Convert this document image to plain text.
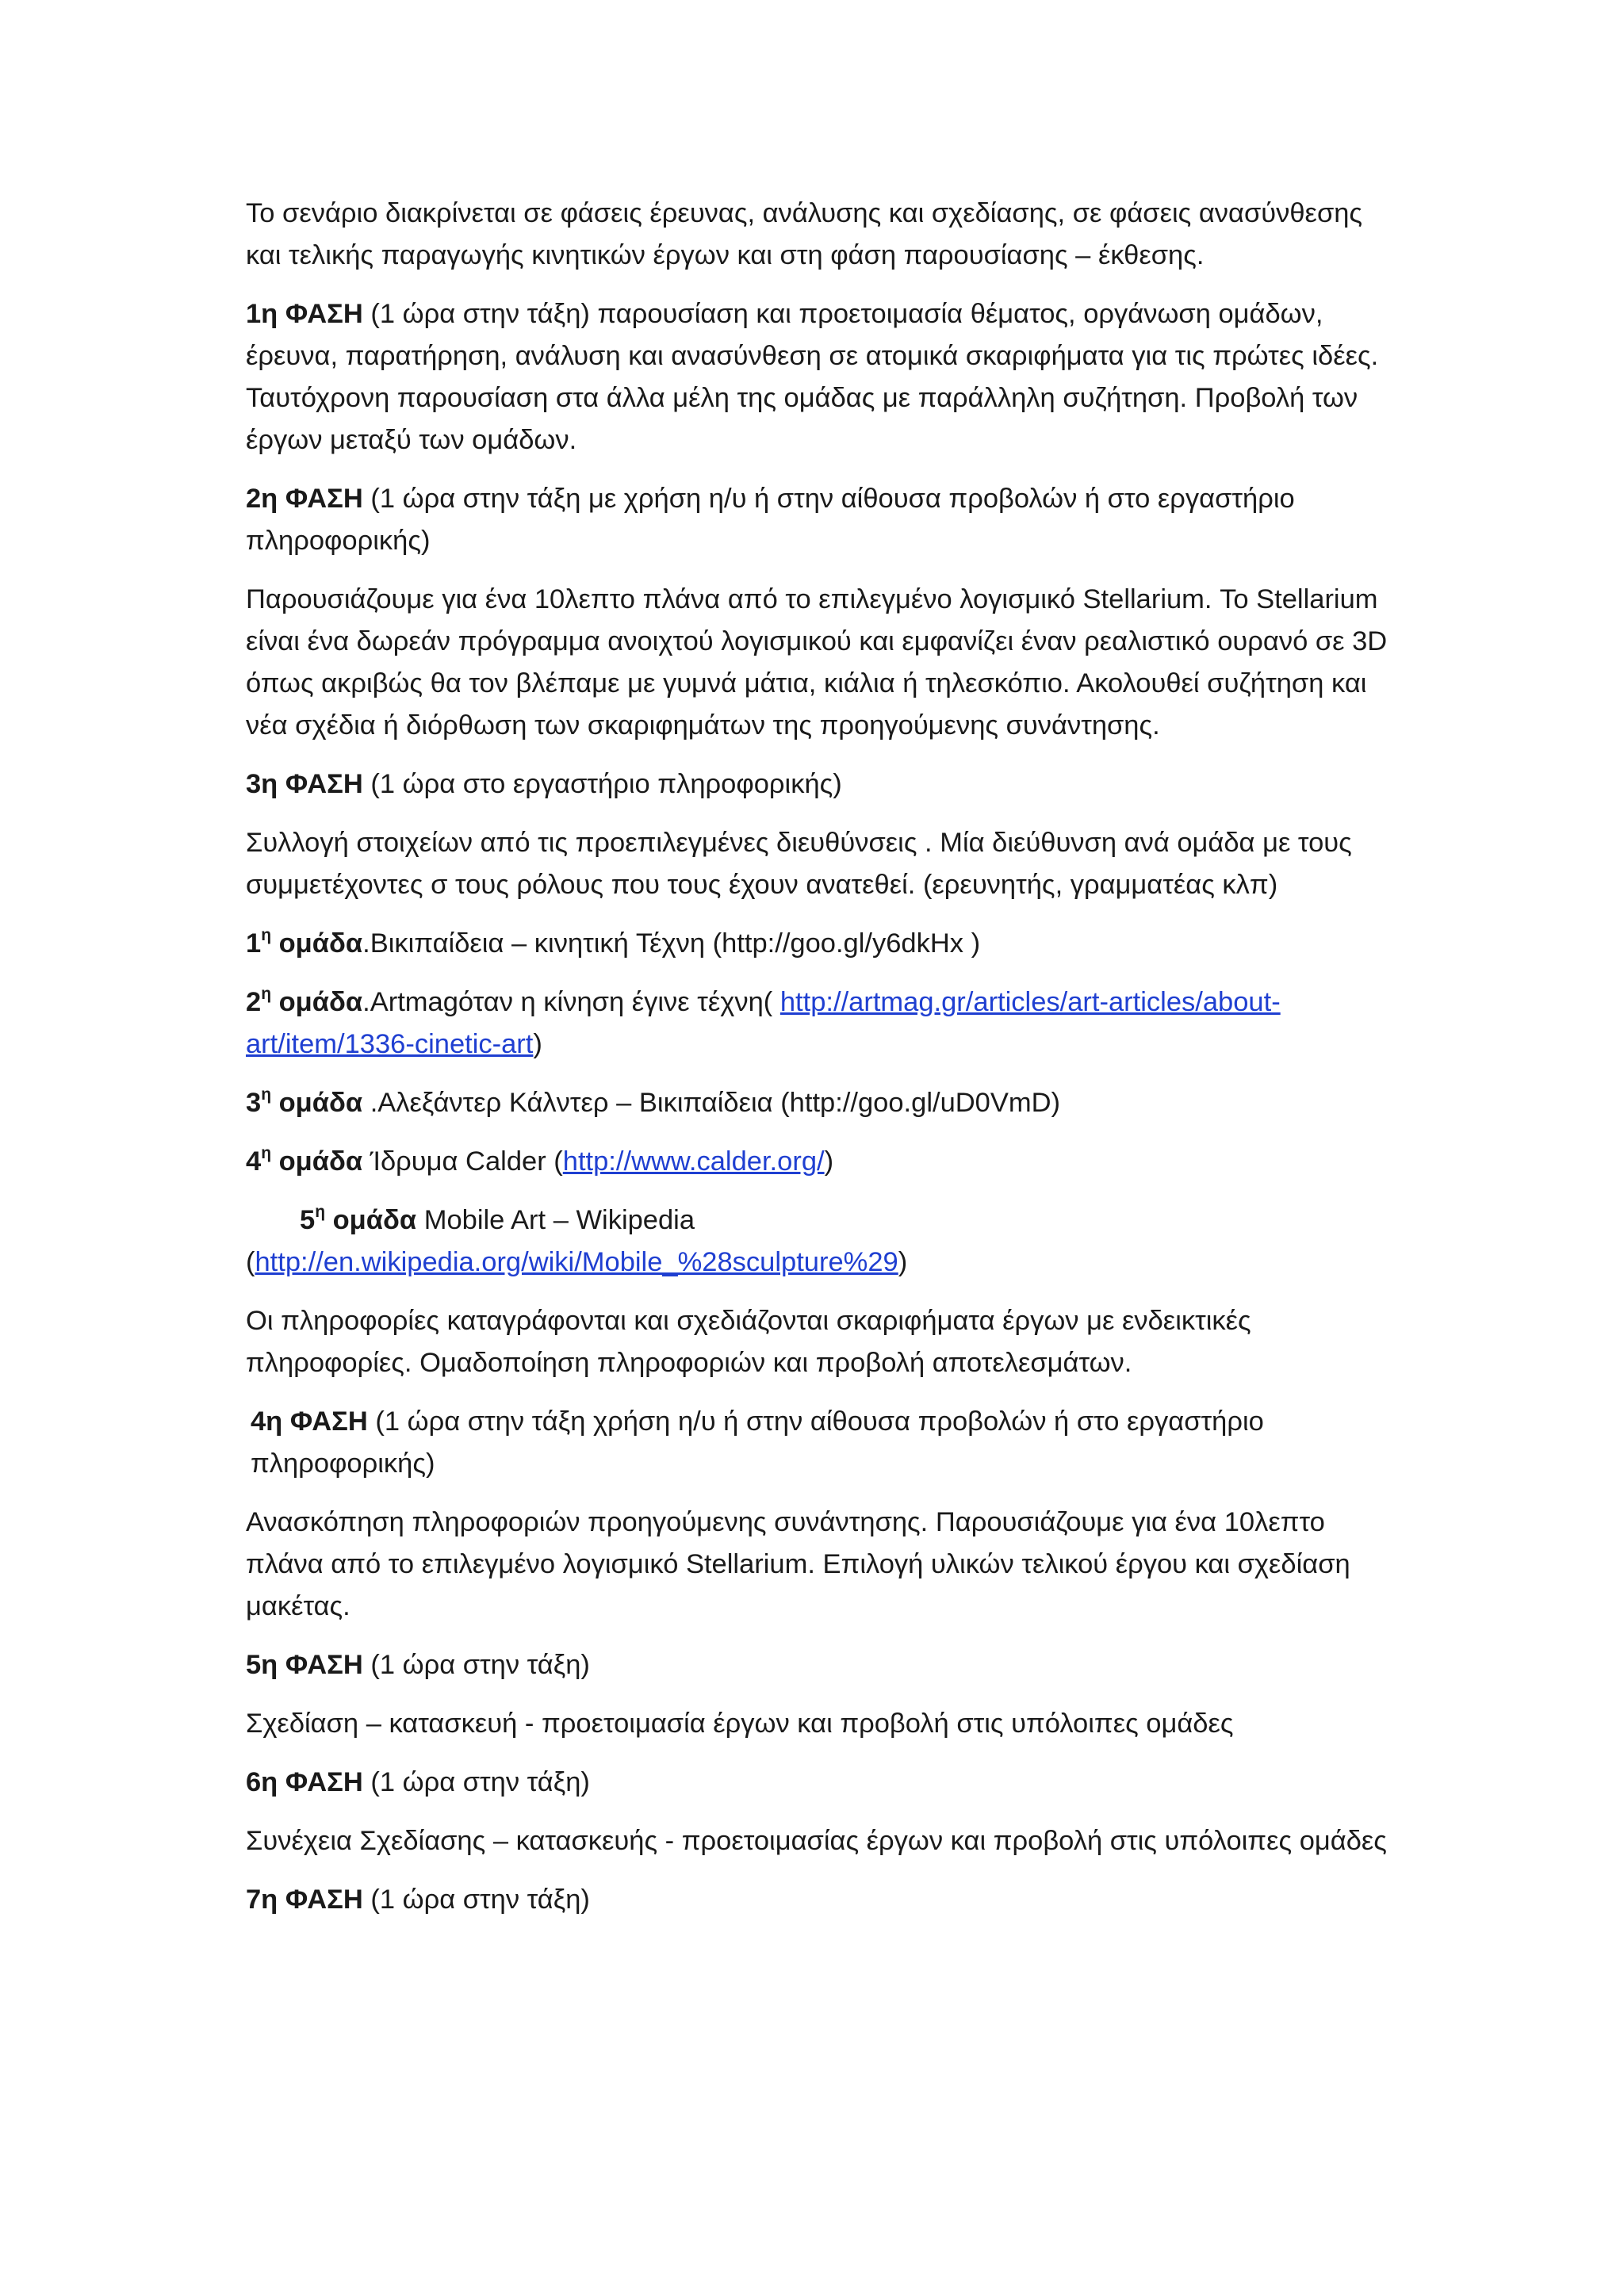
Το σενάριο διακρίνεται σε φάσεις έρευνας, ανάλυσης και σχεδίασης, σε φάσεις ανασύνθεσης και τελικής παραγωγής κινητικών έργων και στη φάση παρουσίασης – έκθεσης.

1η ΦΑΣΗ (1 ώρα στην τάξη) παρουσίαση και προετοιμασία θέματος, οργάνωση ομάδων, έρευνα, παρατήρηση, ανάλυση και ανασύνθεση σε ατομικά σκαριφήματα για τις πρώτες ιδέες. Ταυτόχρονη παρουσίαση στα άλλα μέλη της ομάδας με παράλληλη συζήτηση. Προβολή των έργων μεταξύ των ομάδων.

2η ΦΑΣΗ (1 ώρα στην τάξη με χρήση η/υ ή στην αίθουσα προβολών ή στο εργαστήριο πληροφορικής)

Παρουσιάζουμε για ένα 10λεπτο πλάνα από το επιλεγμένο λογισμικό Stellarium. Το Stellarium είναι ένα δωρεάν πρόγραμμα ανοιχτού λογισμικού και εμφανίζει έναν ρεαλιστικό ουρανό σε 3D όπως ακριβώς θα τον βλέπαμε με γυμνά μάτια, κιάλια ή τηλεσκόπιο. Ακολουθεί συζήτηση και νέα σχέδια ή διόρθωση των σκαριφημάτων της προηγούμενης συνάντησης.

3η ΦΑΣΗ (1 ώρα στο εργαστήριο πληροφορικής)

Συλλογή στοιχείων από τις προεπιλεγμένες διευθύνσεις . Μία διεύθυνση ανά ομάδα με τους συμμετέχοντες σ τους ρόλους που τους έχουν ανατεθεί. (ερευνητής, γραμματέας κλπ)

$1^\eta$ ομάδα.Βικιπαίδεια – κινητική Τέχνη (http://goo.gl/y6dkHx )

$2^\eta$ ομάδα.Artmagόταν η κίνηση έγινε τέχνη( http://artmag.gr/articles/art-articles/about-
art/item/1336-cinetic-art)

$3^\eta$ ομάδα .Αλεξάντερ Κάλντερ – Βικιπαίδεια (http://goo.gl/uD0VmD)

$4^\eta$ ομάδα Ίδρυμα Calder (http://www.calder.org/)

$5^\eta$ ομάδα Mobile Art – Wikipedia
(http://en.wikipedia.org/wiki/Mobile_%28sculpture%29)

Οι πληροφορίες καταγράφονται και σχεδιάζονται σκαριφήματα έργων με ενδεικτικές πληροφορίες. Ομαδοποίηση πληροφοριών και προβολή αποτελεσμάτων.

4η ΦΑΣΗ (1 ώρα στην τάξη χρήση η/υ ή στην αίθουσα προβολών ή στο εργαστήριο πληροφορικής)

Ανασκόπηση πληροφοριών προηγούμενης συνάντησης. Παρουσιάζουμε για ένα 10λεπτο πλάνα από το επιλεγμένο λογισμικό Stellarium. Επιλογή υλικών τελικού έργου και σχεδίαση μακέτας.

5η ΦΑΣΗ (1 ώρα στην τάξη)

Σχεδίαση – κατασκευή - προετοιμασία έργων και προβολή στις υπόλοιπες ομάδες

6η ΦΑΣΗ (1 ώρα στην τάξη)

Συνέχεια Σχεδίασης – κατασκευής - προετοιμασίας έργων και προβολή στις υπόλοιπες ομάδες

7η ΦΑΣΗ (1 ώρα στην τάξη)
